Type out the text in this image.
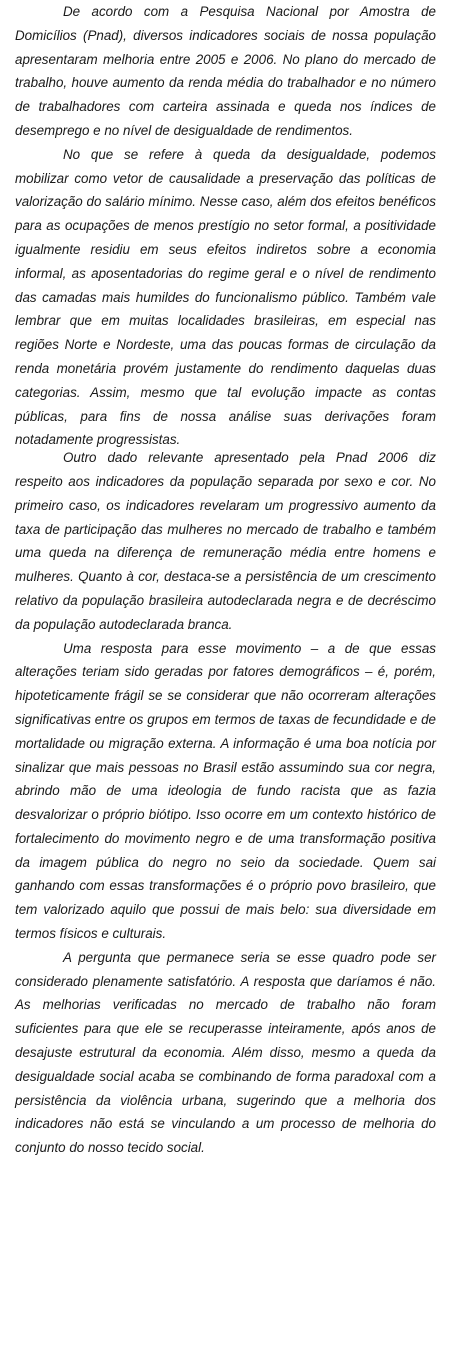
De acordo com a Pesquisa Nacional por Amostra de Domicílios (Pnad), diversos indicadores sociais de nossa população apresentaram melhoria entre 2005 e 2006. No plano do mercado de trabalho, houve aumento da renda média do trabalhador e no número de trabalhadores com carteira assinada e queda nos índices de desemprego e no nível de desigualdade de rendimentos.

No que se refere à queda da desigualdade, podemos mobilizar como vetor de causalidade a preservação das políticas de valorização do salário mínimo. Nesse caso, além dos efeitos benéficos para as ocupações de menos prestígio no setor formal, a positividade igualmente residiu em seus efeitos indiretos sobre a economia informal, as aposentadorias do regime geral e o nível de rendimento das camadas mais humildes do funcionalismo público. Também vale lembrar que em muitas localidades brasileiras, em especial nas regiões Norte e Nordeste, uma das poucas formas de circulação da renda monetária provém justamente do rendimento daquelas duas categorias. Assim, mesmo que tal evolução impacte as contas públicas, para fins de nossa análise suas derivações foram notadamente progressistas.

Outro dado relevante apresentado pela Pnad 2006 diz respeito aos indicadores da população separada por sexo e cor. No primeiro caso, os indicadores revelaram um progressivo aumento da taxa de participação das mulheres no mercado de trabalho e também uma queda na diferença de remuneração média entre homens e mulheres. Quanto à cor, destaca-se a persistência de um crescimento relativo da população brasileira autodeclarada negra e de decréscimo da população autodeclarada branca.

Uma resposta para esse movimento – a de que essas alterações teriam sido geradas por fatores demográficos – é, porém, hipoteticamente frágil se se considerar que não ocorreram alterações significativas entre os grupos em termos de taxas de fecundidade e de mortalidade ou migração externa. A informação é uma boa notícia por sinalizar que mais pessoas no Brasil estão assumindo sua cor negra, abrindo mão de uma ideologia de fundo racista que as fazia desvalorizar o próprio biótipo. Isso ocorre em um contexto histórico de fortalecimento do movimento negro e de uma transformação positiva da imagem pública do negro no seio da sociedade. Quem sai ganhando com essas transformações é o próprio povo brasileiro, que tem valorizado aquilo que possui de mais belo: sua diversidade em termos físicos e culturais.

A pergunta que permanece seria se esse quadro pode ser considerado plenamente satisfatório. A resposta que daríamos é não. As melhorias verificadas no mercado de trabalho não foram suficientes para que ele se recuperasse inteiramente, após anos de desajuste estrutural da economia. Além disso, mesmo a queda da desigualdade social acaba se combinando de forma paradoxal com a persistência da violência urbana, sugerindo que a melhoria dos indicadores não está se vinculando a um processo de melhoria do conjunto do nosso tecido social.
